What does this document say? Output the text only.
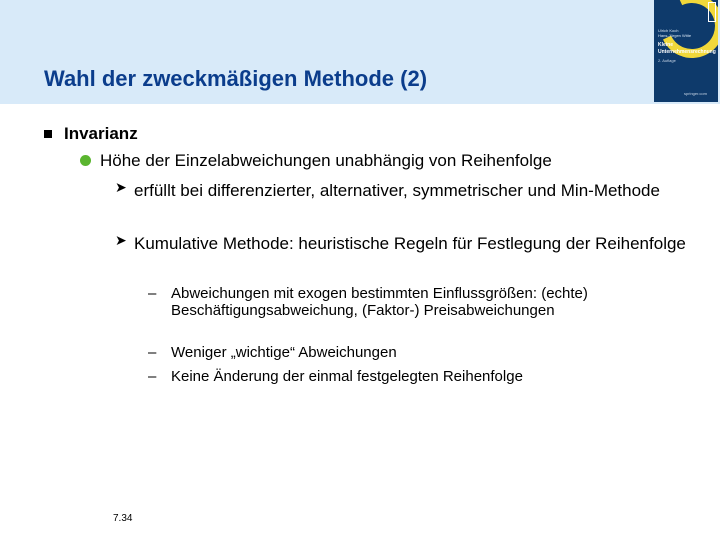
Wahl der zweckmäßigen Methode (2)
Ulrich Koch
Hans-Jürgen Witte
Kleine Unternehmensrechnung
2. Auflage
springer.com
Invarianz
Höhe der Einzelabweichungen unabhängig von Reihenfolge
➤ erfüllt bei differenzierter, alternativer, symmetrischer und Min-Methode
➤ Kumulative Methode: heuristische Regeln für Festlegung der Reihenfolge
– Abweichungen mit exogen bestimmten Einflussgrößen: (echte) Beschäftigungsabweichung, (Faktor-) Preisabweichungen
– Weniger „wichtige“ Abweichungen
– Keine Änderung der einmal festgelegten Reihenfolge
7.34
